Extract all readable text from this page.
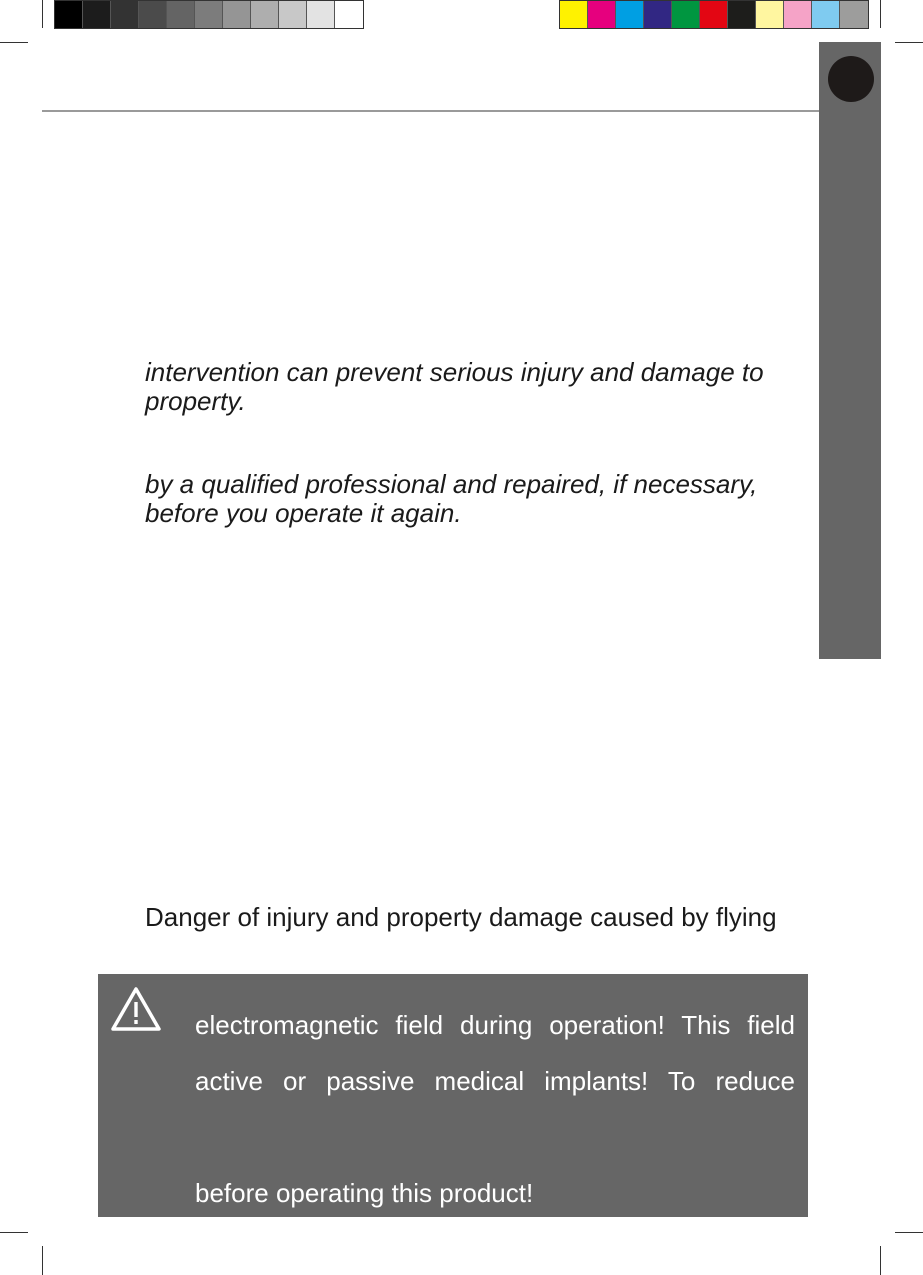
intervention can prevent serious injury and damage to
property.

by a qualified professional and repaired, if necessary,
before you operate it again.

Danger of injury and property damage caused by flying

electromagnetic field during operation! This field

active or passive medical implants! To reduce

before operating this product!
